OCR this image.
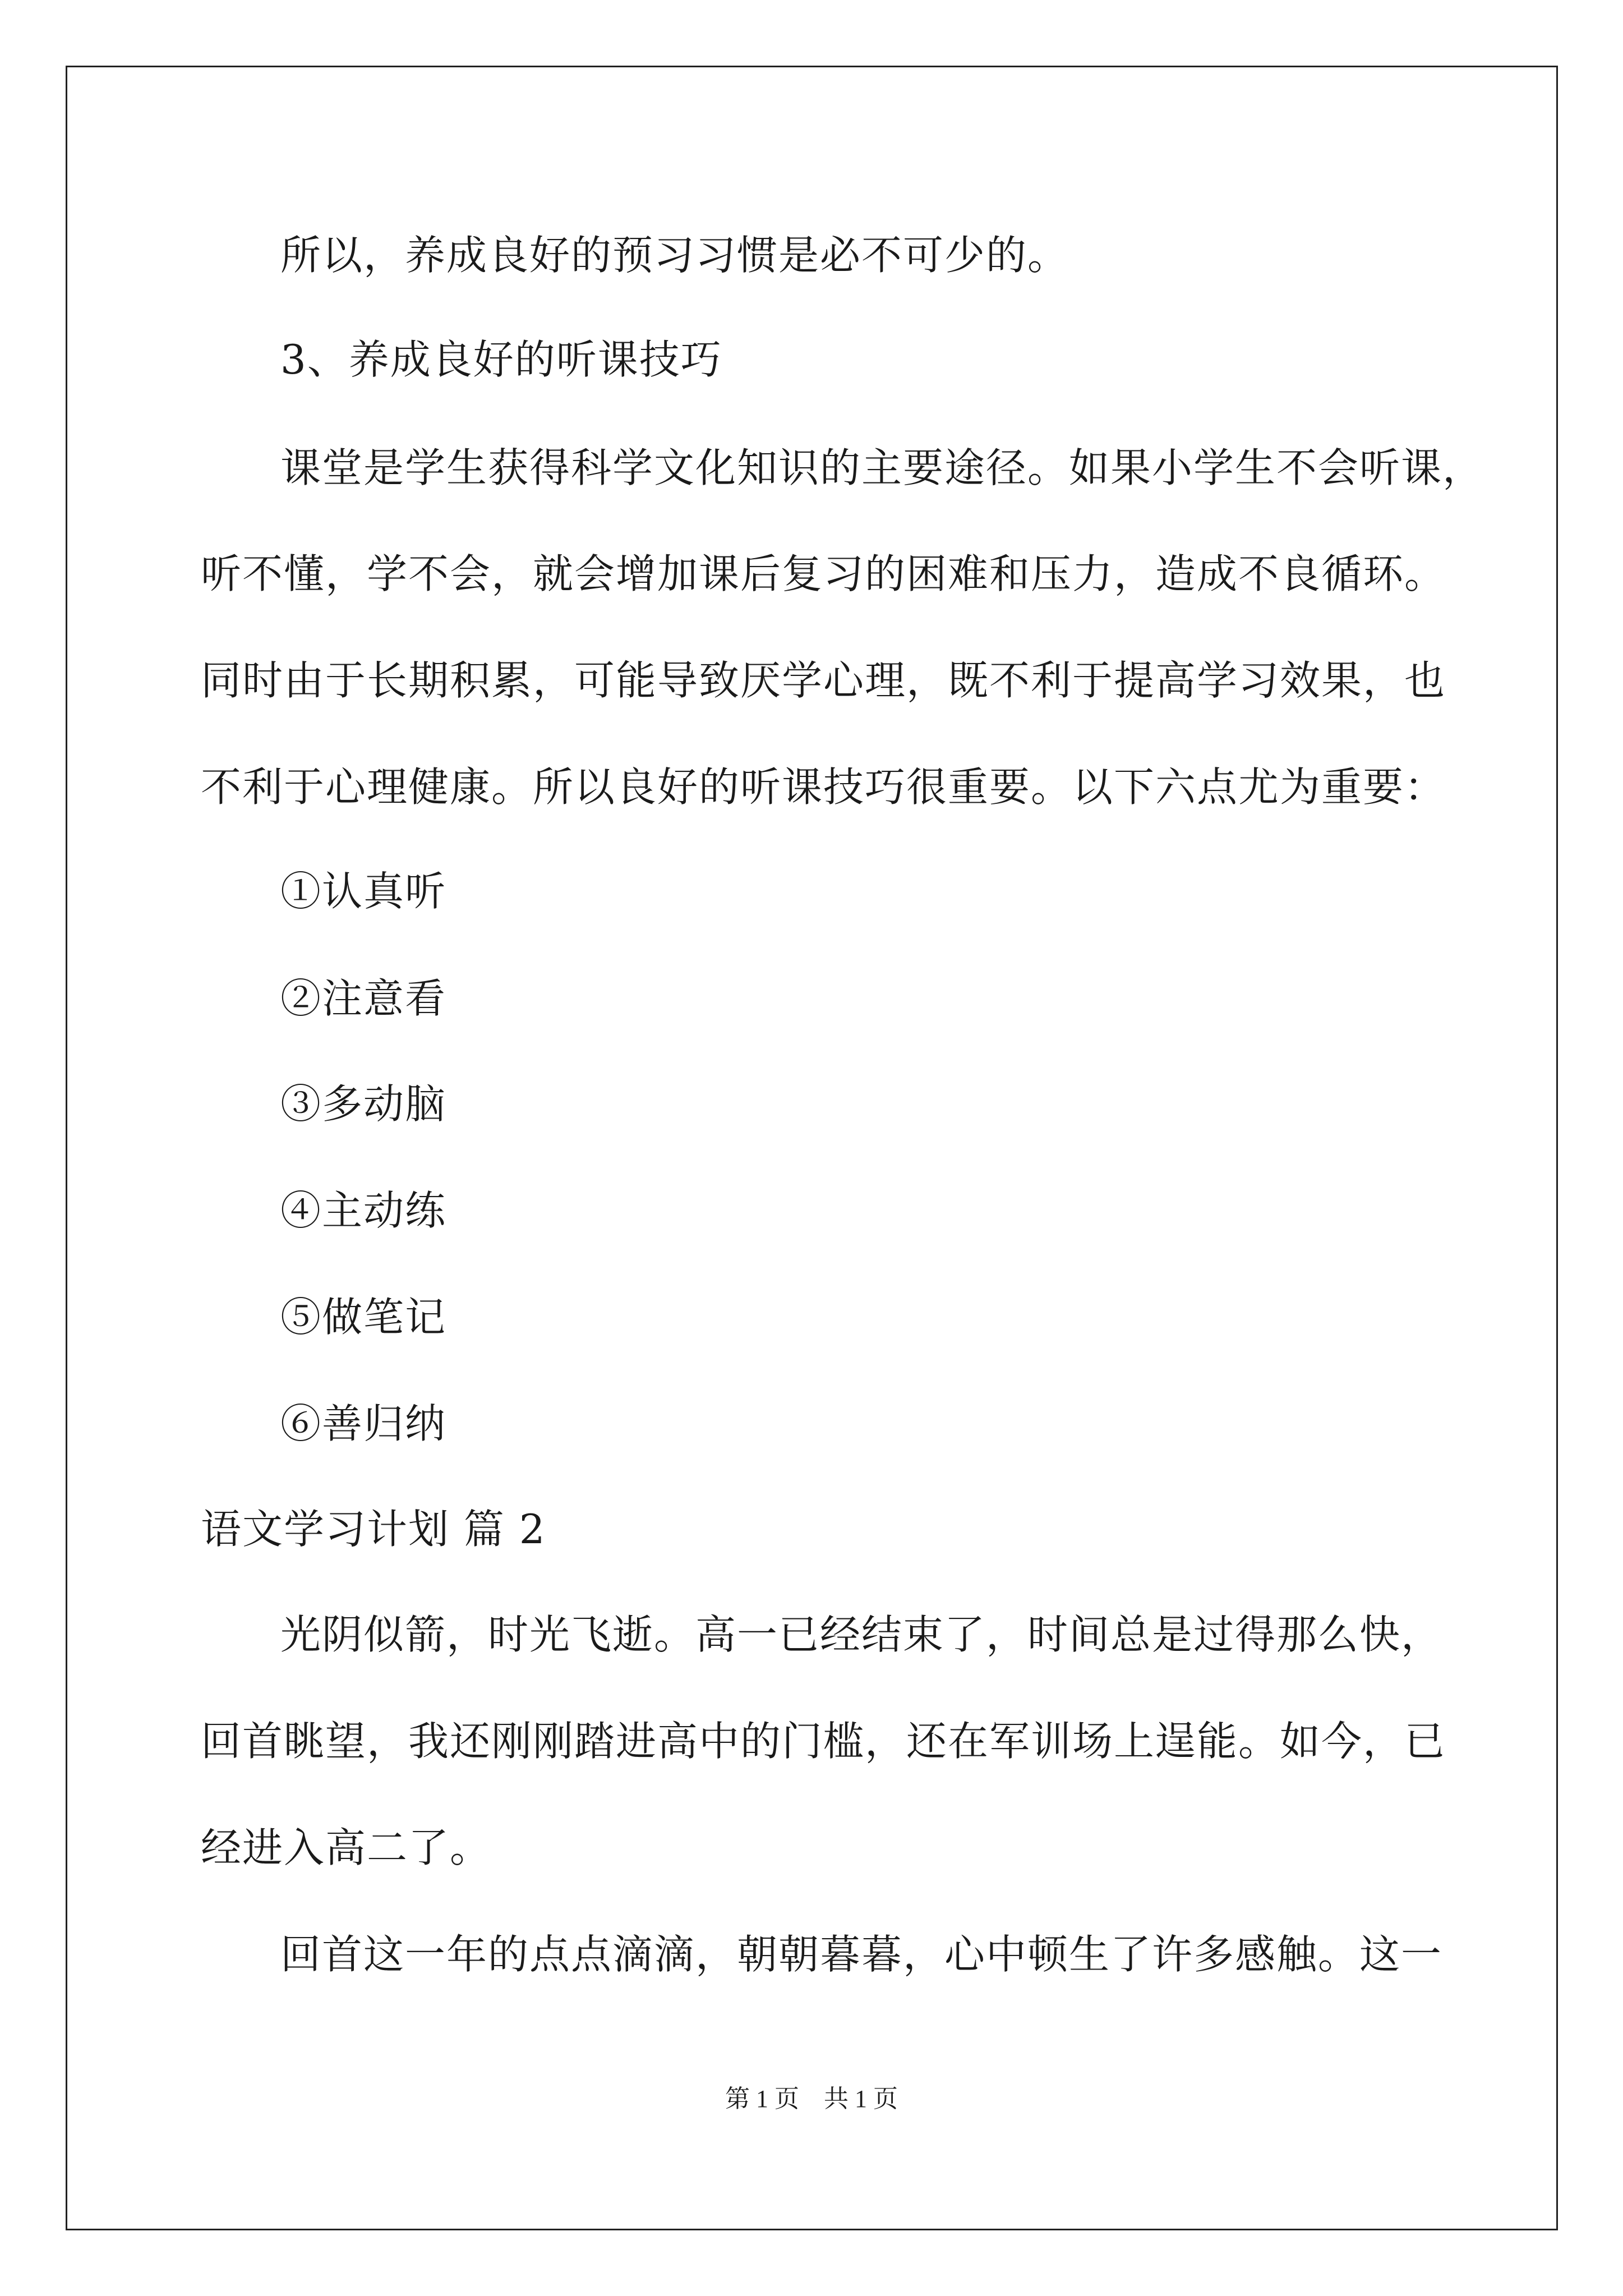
所以，养成良好的预习习惯是必不可少的。
3、养成良好的听课技巧
课堂是学生获得科学文化知识的主要途径。如果小学生不会听课，
听不懂，学不会，就会增加课后复习的困难和压力，造成不良循环。
同时由于长期积累，可能导致厌学心理，既不利于提高学习效果，也
不利于心理健康。所以良好的听课技巧很重要。以下六点尤为重要：
①认真听
②注意看
③多动脑
④主动练
⑤做笔记
⑥善归纳
语文学习计划 篇 2
光阴似箭，时光飞逝。高一已经结束了，时间总是过得那么快，
回首眺望，我还刚刚踏进高中的门槛，还在军训场上逞能。如今，已
经进入高二了。
回首这一年的点点滴滴，朝朝暮暮，心中顿生了许多感触。这一
第 1 页    共 1 页
